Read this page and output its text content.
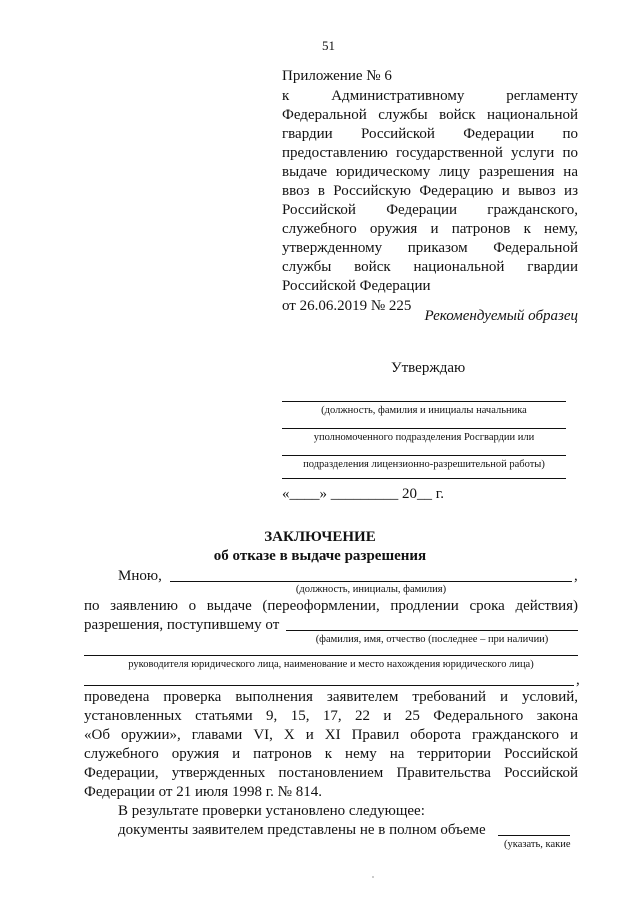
51
Приложение № 6
к Административному регламенту
Федеральной службы войск национальной
гвардии Российской Федерации по
предоставлению государственной услуги по
выдаче юридическому лицу разрешения на
ввоз в Российскую Федерацию и вывоз из
Российской Федерации гражданского,
служебного оружия и патронов к нему,
утвержденному приказом Федеральной
службы войск национальной гвардии
Российской Федерации
от 26.06.2019 № 225
Рекомендуемый образец
Утверждаю
(должность, фамилия и инициалы начальника
уполномоченного подразделения Росгвардии или
подразделения лицензионно-разрешительной работы)
«____» _________ 20__ г.
ЗАКЛЮЧЕНИЕ
об отказе в выдаче разрешения
Мною,	,
(должность, инициалы, фамилия)
по заявлению о выдаче (переоформлении, продлении срока действия)
разрешения, поступившему от
(фамилия, имя, отчество (последнее – при наличии)
руководителя юридического лица, наименование и место нахождения юридического лица)
,
проведена проверка выполнения заявителем требований и условий,
установленных статьями 9, 15, 17, 22 и 25 Федерального закона
«Об оружии», главами VI, X и XI Правил оборота гражданского и
служебного оружия и патронов к нему на территории Российской
Федерации, утвержденных постановлением Правительства Российской
Федерации от 21 июля 1998 г. № 814.
В результате проверки установлено следующее:
документы заявителем представлены не в полном объеме
(указать, какие
